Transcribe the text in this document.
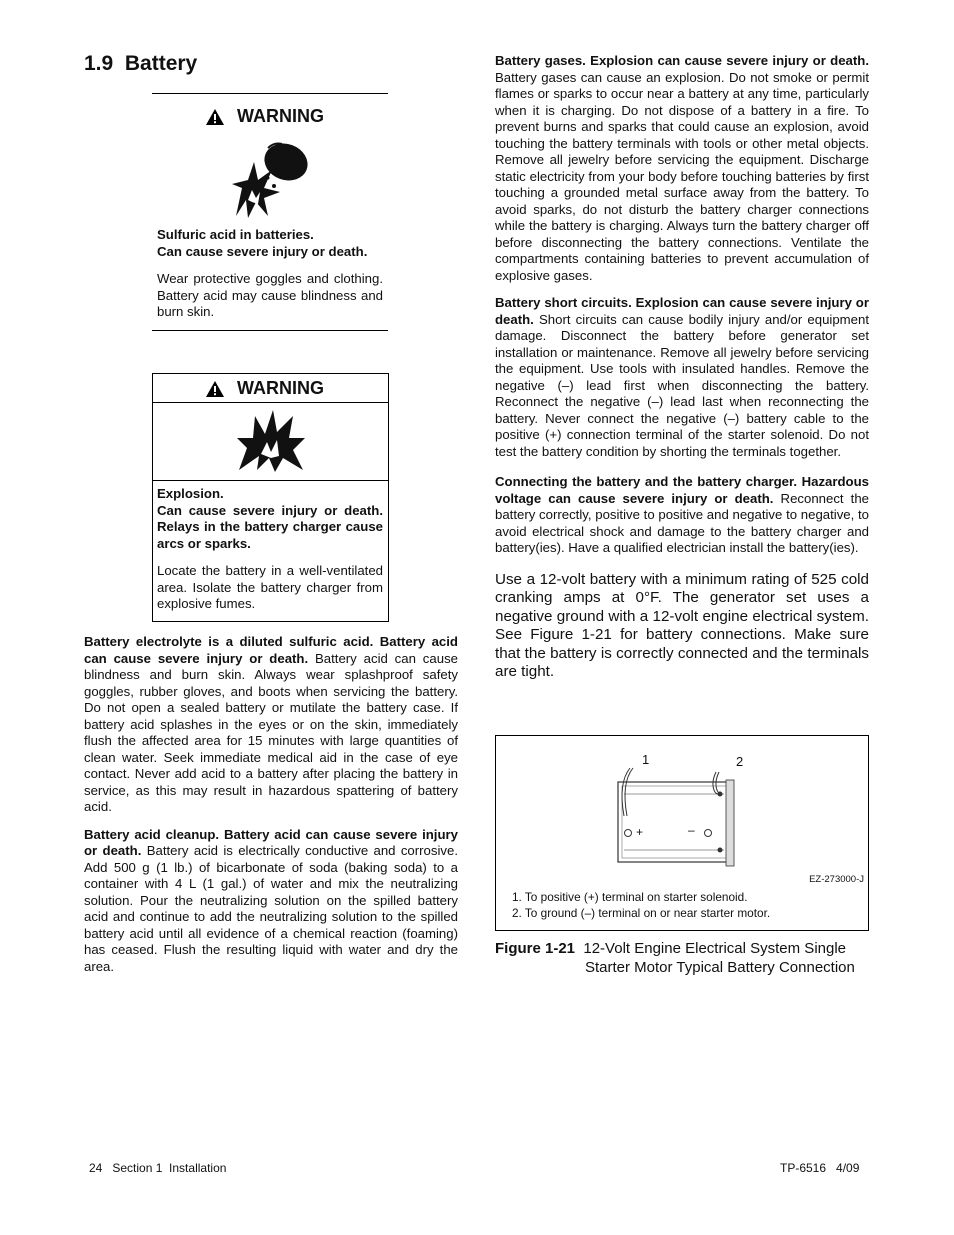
1.9 Battery
WARNING

Sulfuric acid in batteries.

Can cause severe injury or death.

Wear protective goggles and clothing. Battery acid may cause blindness and burn skin.

WARNING

Explosion.

Can cause severe injury or death. Relays in the battery charger cause arcs or sparks.

Locate the battery in a well-ventilated area. Isolate the battery charger from explosive fumes.

Battery electrolyte is a diluted sulfuric acid. Battery acid can cause severe injury or death. Battery acid can cause blindness and burn skin. Always wear splashproof safety goggles, rubber gloves, and boots when servicing the battery. Do not open a sealed battery or mutilate the battery case. If battery acid splashes in the eyes or on the skin, immediately flush the affected area for 15 minutes with large quantities of clean water. Seek immediate medical aid in the case of eye contact. Never add acid to a battery after placing the battery in service, as this may result in hazardous spattering of battery acid.

Battery acid cleanup. Battery acid can cause severe injury or death. Battery acid is electrically conductive and corrosive. Add 500 g (1 lb.) of bicarbonate of soda (baking soda) to a container with 4 L (1 gal.) of water and mix the neutralizing solution. Pour the neutralizing solution on the spilled battery acid and continue to add the neutralizing solution to the spilled battery acid until all evidence of a chemical reaction (foaming) has ceased. Flush the resulting liquid with water and dry the area.

Battery gases. Explosion can cause severe injury or death. Battery gases can cause an explosion. Do not smoke or permit flames or sparks to occur near a battery at any time, particularly when it is charging. Do not dispose of a battery in a fire. To prevent burns and sparks that could cause an explosion, avoid touching the battery terminals with tools or other metal objects. Remove all jewelry before servicing the equipment. Discharge static electricity from your body before touching batteries by first touching a grounded metal surface away from the battery. To avoid sparks, do not disturb the battery charger connections while the battery is charging. Always turn the battery charger off before disconnecting the battery connections. Ventilate the compartments containing batteries to prevent accumulation of explosive gases.

Battery short circuits. Explosion can cause severe injury or death. Short circuits can cause bodily injury and/or equipment damage. Disconnect the battery before generator set installation or maintenance. Remove all jewelry before servicing the equipment. Use tools with insulated handles. Remove the negative (–) lead first when disconnecting the battery. Reconnect the negative (–) lead last when reconnecting the battery. Never connect the negative (–) battery cable to the positive (+) connection terminal of the starter solenoid. Do not test the battery condition by shorting the terminals together.

Connecting the battery and the battery charger. Hazardous voltage can cause severe injury or death. Reconnect the battery correctly, positive to positive and negative to negative, to avoid electrical shock and damage to the battery charger and battery(ies). Have a qualified electrician install the battery(ies).

Use a 12-volt battery with a minimum rating of 525 cold cranking amps at 0°F. The generator set uses a negative ground with a 12-volt engine electrical system. See Figure 1-21 for battery connections. Make sure that the battery is correctly connected and the terminals are tight.

1	2
+	–
EZ-273000-J
1. To positive (+) terminal on starter solenoid.
2. To ground (–) terminal on or near starter motor.
Figure 1-21 12-Volt Engine Electrical System Single
Starter Motor Typical Battery Connection
24   Section 1  Installation	TP-6516   4/09
